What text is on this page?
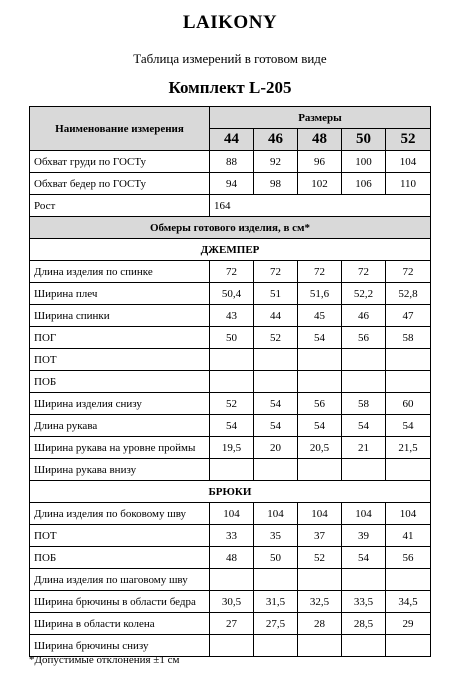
LAIKONY
Таблица измерений в готовом виде
Комплект L-205
Наименование измерения	Размеры				
	44	46	48	50	52
Обхват груди по ГОСТу	88	92	96	100	104
Обхват бедер по ГОСТу	94	98	102	106	110
Рост	164				
Обмеры готового изделия, в см*					
ДЖЕМПЕР					
Длина изделия по спинке	72	72	72	72	72
Ширина плеч	50,4	51	51,6	52,2	52,8
Ширина спинки	43	44	45	46	47
ПОГ	50	52	54	56	58
ПОТ					
ПОБ					
Ширина изделия снизу	52	54	56	58	60
Длина рукава	54	54	54	54	54
Ширина рукава на уровне проймы	19,5	20	20,5	21	21,5
Ширина рукава внизу					
БРЮКИ					
Длина изделия по боковому шву	104	104	104	104	104
ПОТ	33	35	37	39	41
ПОБ	48	50	52	54	56
Длина изделия по шаговому шву					
Ширина брючины в области бедра	30,5	31,5	32,5	33,5	34,5
Ширина в области колена	27	27,5	28	28,5	29
Ширина брючины снизу					
*Допустимые отклонения ±1 см
